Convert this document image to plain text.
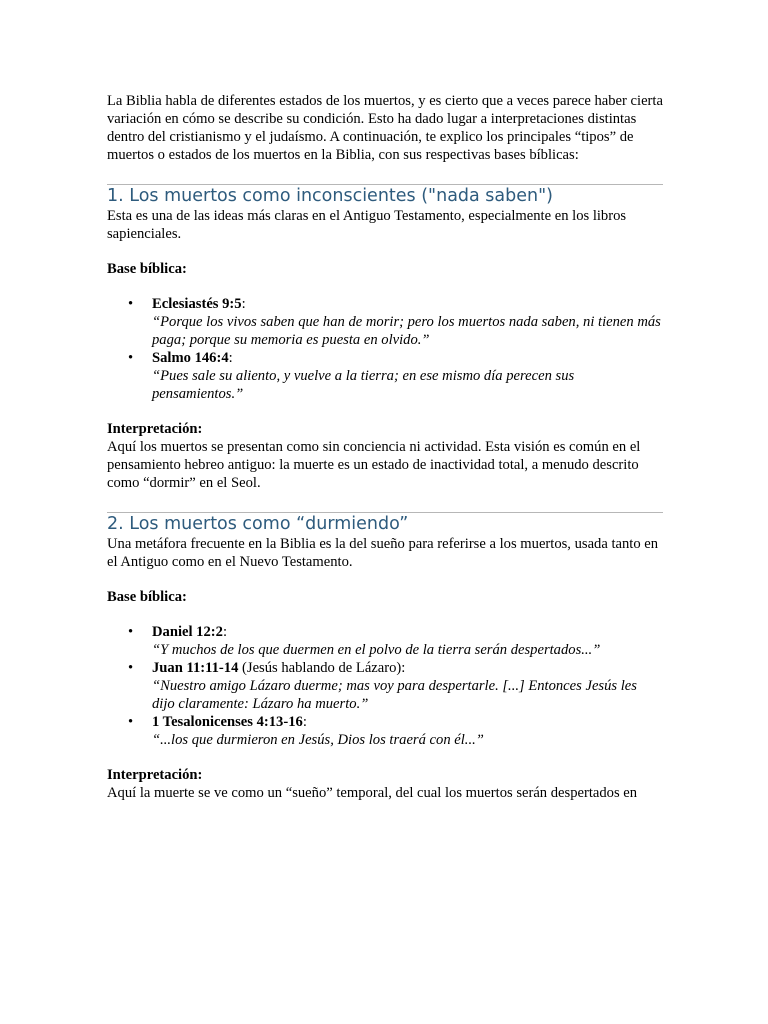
La Biblia habla de diferentes estados de los muertos, y es cierto que a veces parece haber cierta variación en cómo se describe su condición. Esto ha dado lugar a interpretaciones distintas dentro del cristianismo y el judaísmo. A continuación, te explico los principales “tipos” de muertos o estados de los muertos en la Biblia, con sus respectivas bases bíblicas:

1. Los muertos como inconscientes ("nada saben")

Esta es una de las ideas más claras en el Antiguo Testamento, especialmente en los libros sapienciales.

Base bíblica:

• Eclesiastés 9:5:
“Porque los vivos saben que han de morir; pero los muertos nada saben, ni tienen más paga; porque su memoria es puesta en olvido.”
• Salmo 146:4:
“Pues sale su aliento, y vuelve a la tierra; en ese mismo día perecen sus pensamientos.”

Interpretación:
Aquí los muertos se presentan como sin conciencia ni actividad. Esta visión es común en el pensamiento hebreo antiguo: la muerte es un estado de inactividad total, a menudo descrito como “dormir” en el Seol.

2. Los muertos como “durmiendo”

Una metáfora frecuente en la Biblia es la del sueño para referirse a los muertos, usada tanto en el Antiguo como en el Nuevo Testamento.

Base bíblica:

• Daniel 12:2:
“Y muchos de los que duermen en el polvo de la tierra serán despertados...”
• Juan 11:11-14 (Jesús hablando de Lázaro):
“Nuestro amigo Lázaro duerme; mas voy para despertarle. [...] Entonces Jesús les dijo claramente: Lázaro ha muerto.”
• 1 Tesalonicenses 4:13-16:
“...los que durmieron en Jesús, Dios los traerá con él...”

Interpretación:
Aquí la muerte se ve como un “sueño” temporal, del cual los muertos serán despertados en
